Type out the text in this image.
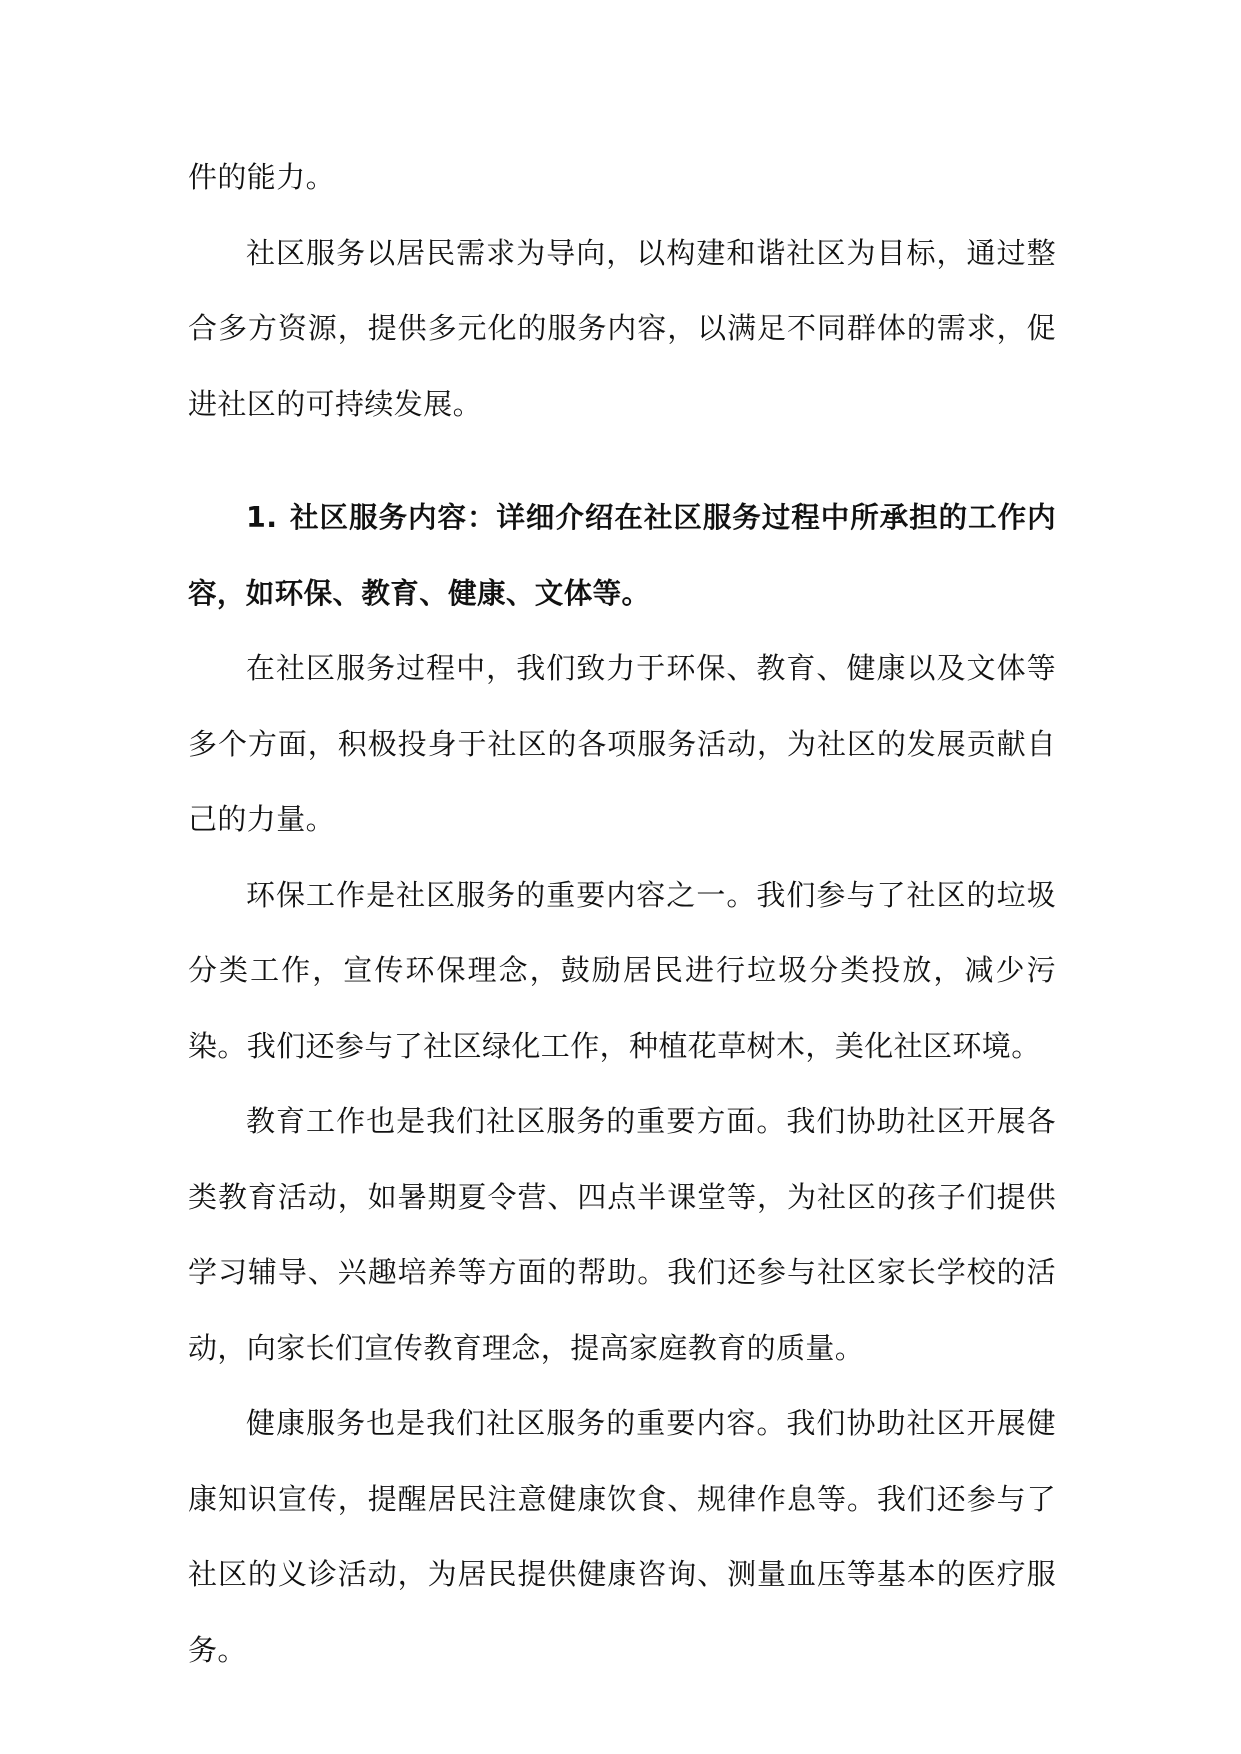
件的能力。

社区服务以居民需求为导向，以构建和谐社区为目标，通过整合多方资源，提供多元化的服务内容，以满足不同群体的需求，促进社区的可持续发展。

1. 社区服务内容：详细介绍在社区服务过程中所承担的工作内容，如环保、教育、健康、文体等。

在社区服务过程中，我们致力于环保、教育、健康以及文体等多个方面，积极投身于社区的各项服务活动，为社区的发展贡献自己的力量。

环保工作是社区服务的重要内容之一。我们参与了社区的垃圾分类工作，宣传环保理念，鼓励居民进行垃圾分类投放，减少污染。我们还参与了社区绿化工作，种植花草树木，美化社区环境。

教育工作也是我们社区服务的重要方面。我们协助社区开展各类教育活动，如暑期夏令营、四点半课堂等，为社区的孩子们提供学习辅导、兴趣培养等方面的帮助。我们还参与社区家长学校的活动，向家长们宣传教育理念，提高家庭教育的质量。

健康服务也是我们社区服务的重要内容。我们协助社区开展健康知识宣传，提醒居民注意健康饮食、规律作息等。我们还参与了社区的义诊活动，为居民提供健康咨询、测量血压等基本的医疗服务。
